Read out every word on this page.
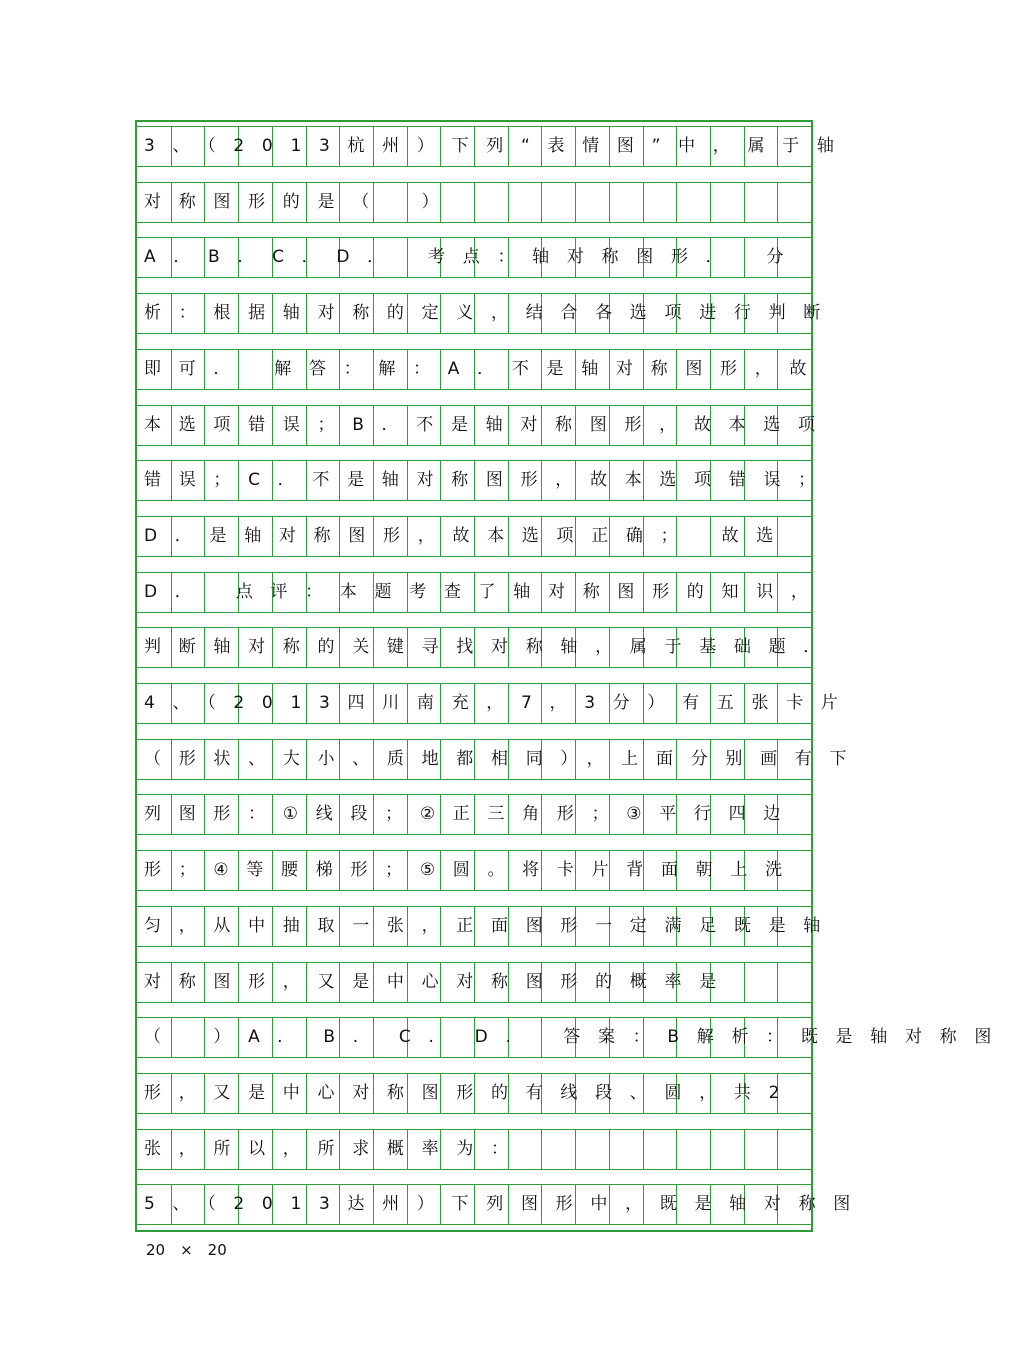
3、（2013杭州）下列“表情图”中，属于轴
对称图形的是（　）
A．B．C．D．　考点：轴对称图形．　分
析：根据轴对称的定义，结合各选项进行判断
即可．　解答：解：A．不是轴对称图形，故
本选项错误；B．不是轴对称图形，故本选项
错误；C．不是轴对称图形，故本选项错误；
D．是轴对称图形，故本选项正确；　故选
D．　点评：本题考查了轴对称图形的知识，
判断轴对称的关键寻找对称轴，属于基础题．
4、（2013四川南充，7，3分）有五张卡片
（形状、大小、质地都相同），上面分别画有下
列图形：①线段；②正三角形；③平行四边
形；④等腰梯形；⑤圆。将卡片背面朝上洗
匀，从中抽取一张，正面图形一定满足既是轴
对称图形，又是中心对称图形的概率是
（　）A. B. C. D.　答案：B解析：既是轴对称图
形，又是中心对称图形的有线段、圆，共2
张，所以，所求概率为：
5、（2013达州）下列图形中，既是轴对称图
20　×　20
